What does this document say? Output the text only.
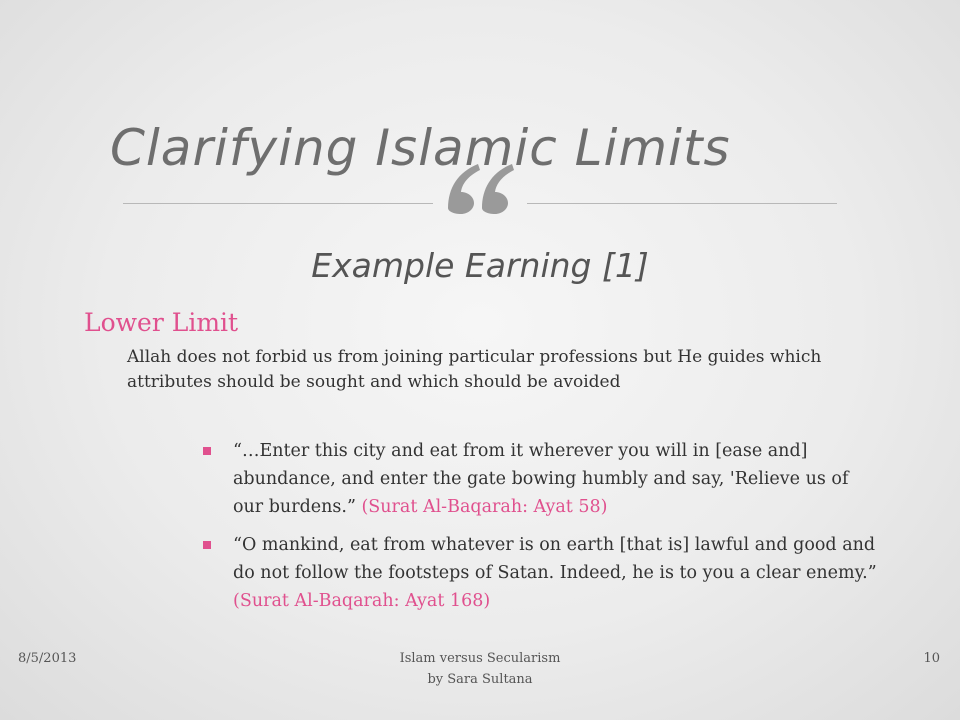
Clarifying Islamic Limits
Example Earning [1]
Lower Limit
Allah does not forbid us from joining particular professions but He guides which attributes should be sought and which should be avoided
“…Enter this city and eat from it wherever you will in [ease and] abundance, and enter the gate bowing humbly and say, 'Relieve us of our burdens.” (Surat Al-Baqarah: Ayat 58)
“O mankind, eat from whatever is on earth [that is] lawful and good and do not follow the footsteps of Satan. Indeed, he is to you a clear enemy.” (Surat Al-Baqarah: Ayat 168)
8/5/2013	Islam versus Secularism
by Sara Sultana
10
